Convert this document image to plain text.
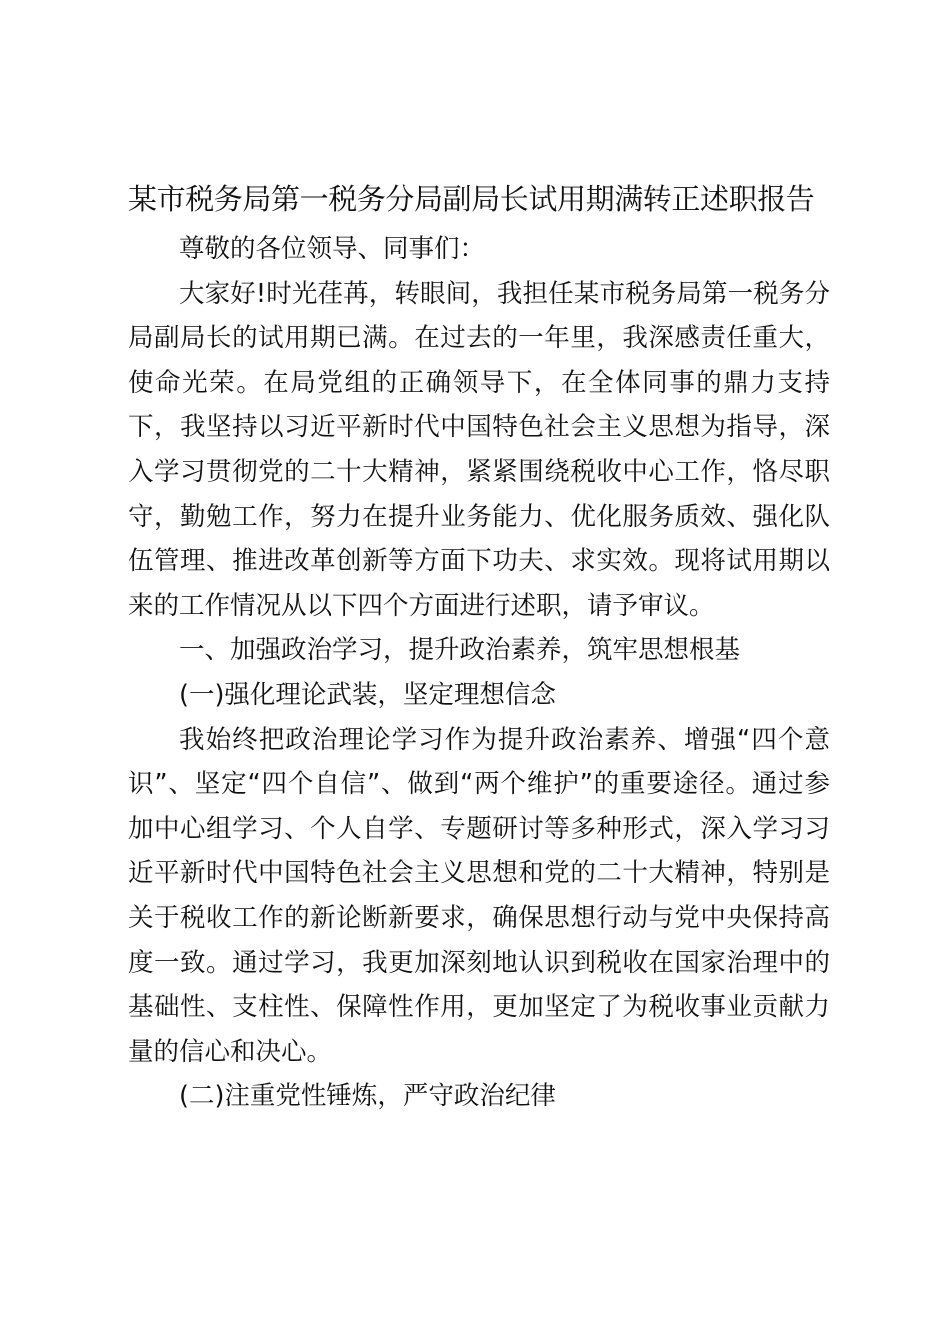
某市税务局第一税务分局副局长试用期满转正述职报告

尊敬的各位领导、同事们：

大家好!时光荏苒，转眼间，我担任某市税务局第一税务分局副局长的试用期已满。在过去的一年里，我深感责任重大，使命光荣。在局党组的正确领导下，在全体同事的鼎力支持下，我坚持以习近平新时代中国特色社会主义思想为指导，深入学习贯彻党的二十大精神，紧紧围绕税收中心工作，恪尽职守，勤勉工作，努力在提升业务能力、优化服务质效、强化队伍管理、推进改革创新等方面下功夫、求实效。现将试用期以来的工作情况从以下四个方面进行述职，请予审议。

一、加强政治学习，提升政治素养，筑牢思想根基

(一)强化理论武装，坚定理想信念

我始终把政治理论学习作为提升政治素养、增强“四个意识”、坚定“四个自信”、做到“两个维护”的重要途径。通过参加中心组学习、个人自学、专题研讨等多种形式，深入学习习近平新时代中国特色社会主义思想和党的二十大精神，特别是关于税收工作的新论断新要求，确保思想行动与党中央保持高度一致。通过学习，我更加深刻地认识到税收在国家治理中的基础性、支柱性、保障性作用，更加坚定了为税收事业贡献力量的信心和决心。

(二)注重党性锤炼，严守政治纪律
